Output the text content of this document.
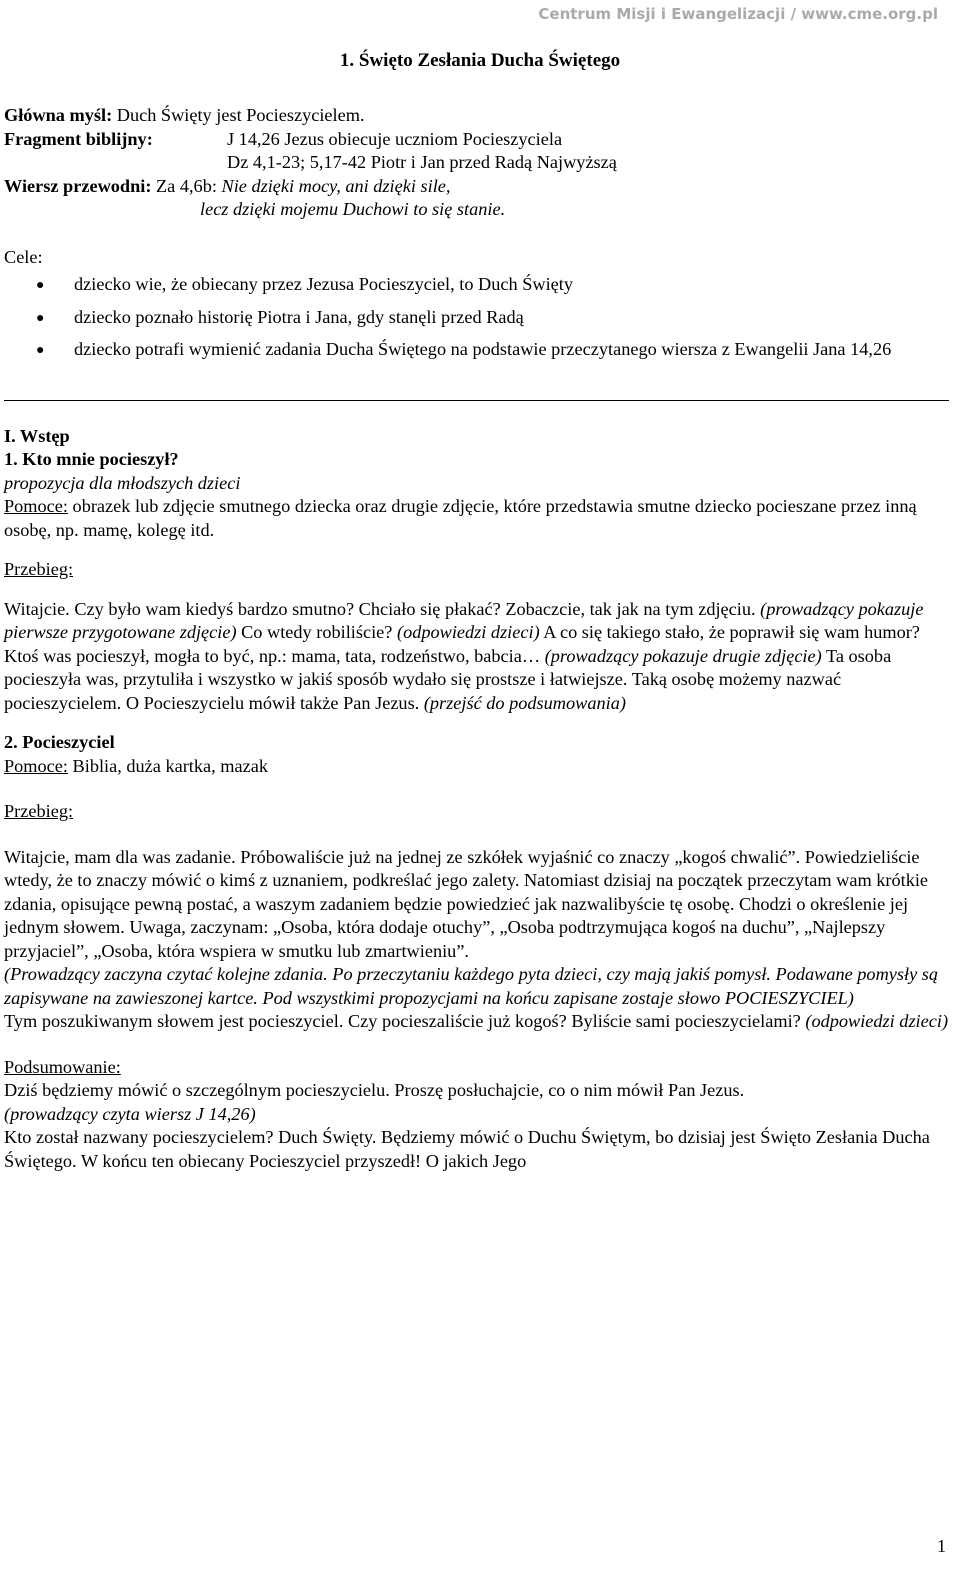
Centrum Misji i Ewangelizacji / www.cme.org.pl
1. Święto Zesłania Ducha Świętego
Główna myśl: Duch Święty jest Pocieszycielem.
Fragment biblijny:	J 14,26 Jezus obiecuje uczniom Pocieszyciela
Dz 4,1-23; 5,17-42 Piotr i Jan przed Radą Najwyższą
Wiersz przewodni: Za 4,6b: Nie dzięki mocy, ani dzięki sile,
lecz dzięki mojemu Duchowi to się stanie.
Cele:
● dziecko wie, że obiecany przez Jezusa Pocieszyciel, to Duch Święty
● dziecko poznało historię Piotra i Jana, gdy stanęli przed Radą
● dziecko potrafi wymienić zadania Ducha Świętego na podstawie przeczytanego wiersza z Ewangelii Jana 14,26

I. Wstęp

1. Kto mnie pocieszył?

propozycja dla młodszych dzieci

Pomoce: obrazek lub zdjęcie smutnego dziecka oraz drugie zdjęcie, które przedstawia smutne dziecko pocieszane przez inną osobę, np. mamę, kolegę itd.

Przebieg:

Witajcie. Czy było wam kiedyś bardzo smutno? Chciało się płakać? Zobaczcie, tak jak na tym zdjęciu. (prowadzący pokazuje pierwsze przygotowane zdjęcie) Co wtedy robiliście? (odpowiedzi dzieci) A co się takiego stało, że poprawił się wam humor? Ktoś was pocieszył, mogła to być, np.: mama, tata, rodzeństwo, babcia… (prowadzący pokazuje drugie zdjęcie) Ta osoba pocieszyła was, przytuliła i wszystko w jakiś sposób wydało się prostsze i łatwiejsze. Taką osobę możemy nazwać pocieszycielem. O Pocieszycielu mówił także Pan Jezus. (przejść do podsumowania)

2. Pocieszyciel

Pomoce: Biblia, duża kartka, mazak

Przebieg:

Witajcie, mam dla was zadanie. Próbowaliście już na jednej ze szkółek wyjaśnić co znaczy „kogoś chwalić”. Powiedzieliście wtedy, że to znaczy mówić o kimś z uznaniem, podkreślać jego zalety. Natomiast dzisiaj na początek przeczytam wam krótkie zdania, opisujące pewną postać, a waszym zadaniem będzie powiedzieć jak nazwalibyście tę osobę. Chodzi o określenie jej jednym słowem. Uwaga, zaczynam: „Osoba, która dodaje otuchy”, „Osoba podtrzymująca kogoś na duchu”, „Najlepszy przyjaciel”, „Osoba, która wspiera w smutku lub zmartwieniu”.

(Prowadzący zaczyna czytać kolejne zdania. Po przeczytaniu każdego pyta dzieci, czy mają jakiś pomysł. Podawane pomysły są zapisywane na zawieszonej kartce. Pod wszystkimi propozycjami na końcu zapisane zostaje słowo POCIESZYCIEL)

Tym poszukiwanym słowem jest pocieszyciel. Czy pocieszaliście już kogoś? Byliście sami pocieszycielami? (odpowiedzi dzieci)

Podsumowanie:

Dziś będziemy mówić o szczególnym pocieszycielu. Proszę posłuchajcie, co o nim mówił Pan Jezus.

(prowadzący czyta wiersz J 14,26)

Kto został nazwany pocieszycielem? Duch Święty. Będziemy mówić o Duchu Świętym, bo dzisiaj jest Święto Zesłania Ducha Świętego. W końcu ten obiecany Pocieszyciel przyszedł! O jakich Jego

1
